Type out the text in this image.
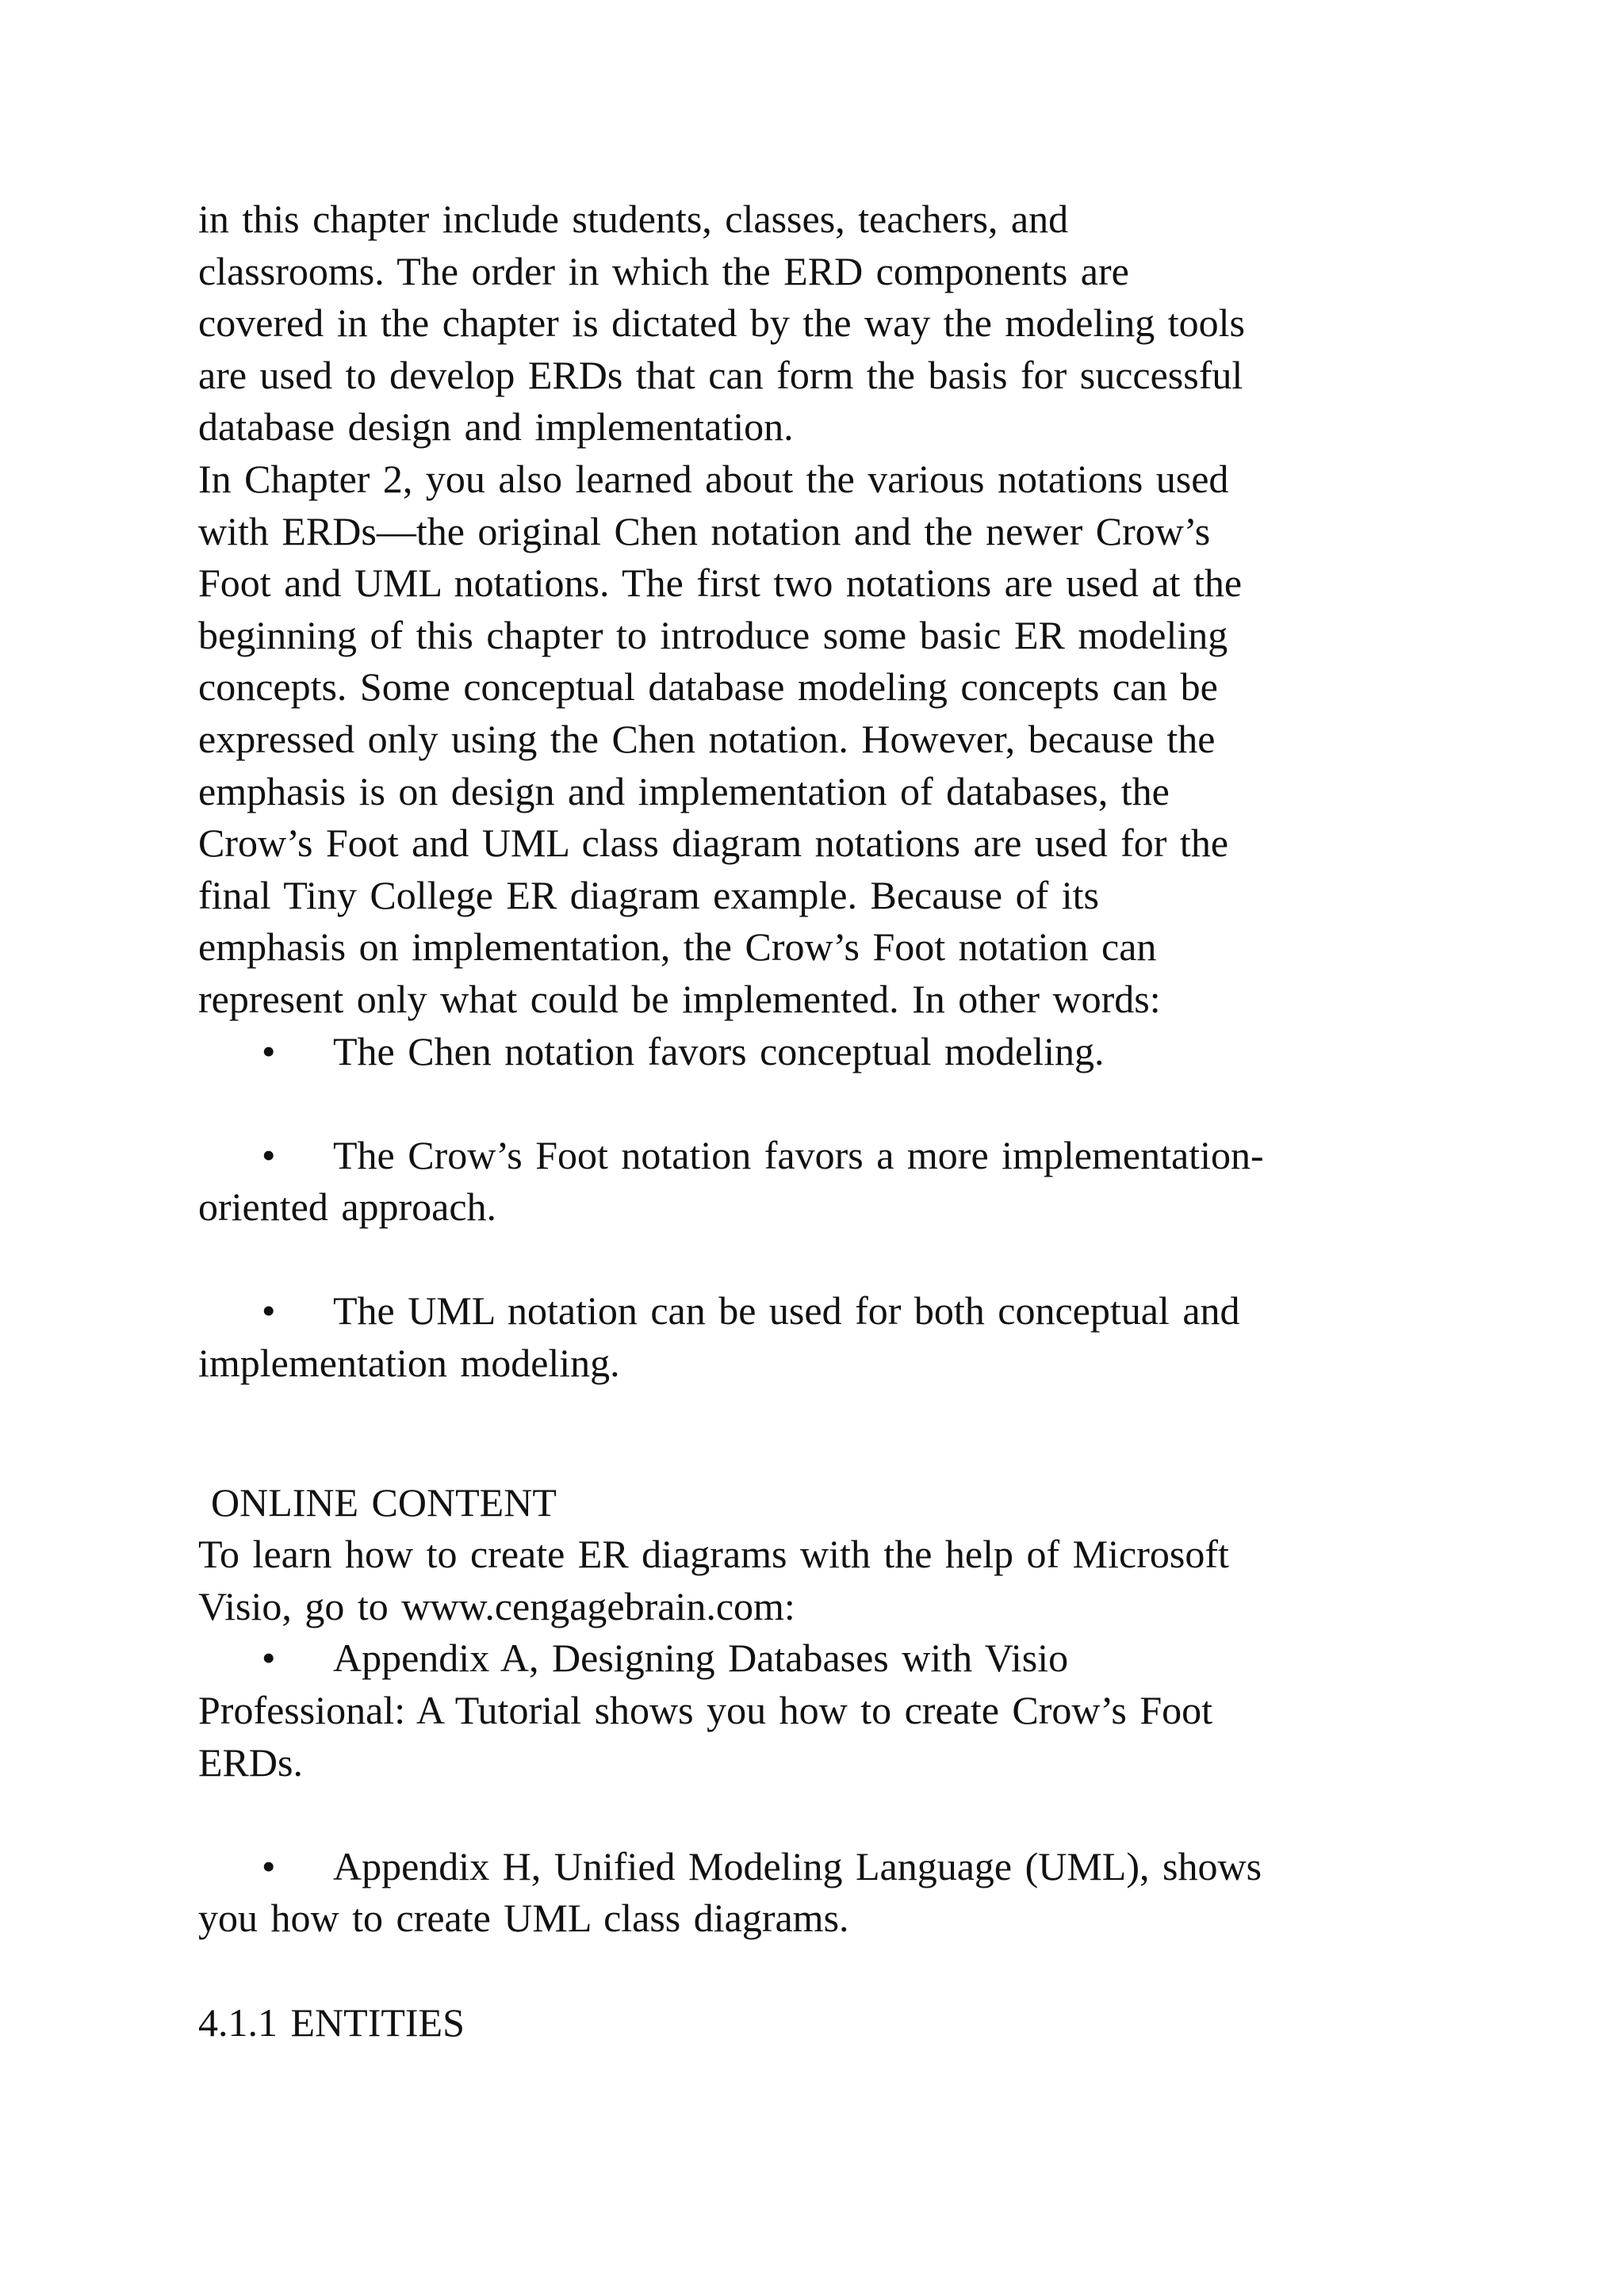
in this chapter include students, classes, teachers, and
classrooms. The order in which the ERD components are
covered in the chapter is dictated by the way the modeling tools
are used to develop ERDs that can form the basis for successful
database design and implementation.
In Chapter 2, you also learned about the various notations used
with ERDs—the original Chen notation and the newer Crow’s
Foot and UML notations. The first two notations are used at the
beginning of this chapter to introduce some basic ER modeling
concepts. Some conceptual database modeling concepts can be
expressed only using the Chen notation. However, because the
emphasis is on design and implementation of databases, the
Crow’s Foot and UML class diagram notations are used for the
final Tiny College ER diagram example. Because of its
emphasis on implementation, the Crow’s Foot notation can
represent only what could be implemented. In other words:
• The Chen notation favors conceptual modeling.
• The Crow’s Foot notation favors a more implementation-
oriented approach.
• The UML notation can be used for both conceptual and
implementation modeling.
ONLINE CONTENT
To learn how to create ER diagrams with the help of Microsoft
Visio, go to www.cengagebrain.com:
• Appendix A, Designing Databases with Visio
Professional: A Tutorial shows you how to create Crow’s Foot
ERDs.
• Appendix H, Unified Modeling Language (UML), shows
you how to create UML class diagrams.
4.1.1 ENTITIES
